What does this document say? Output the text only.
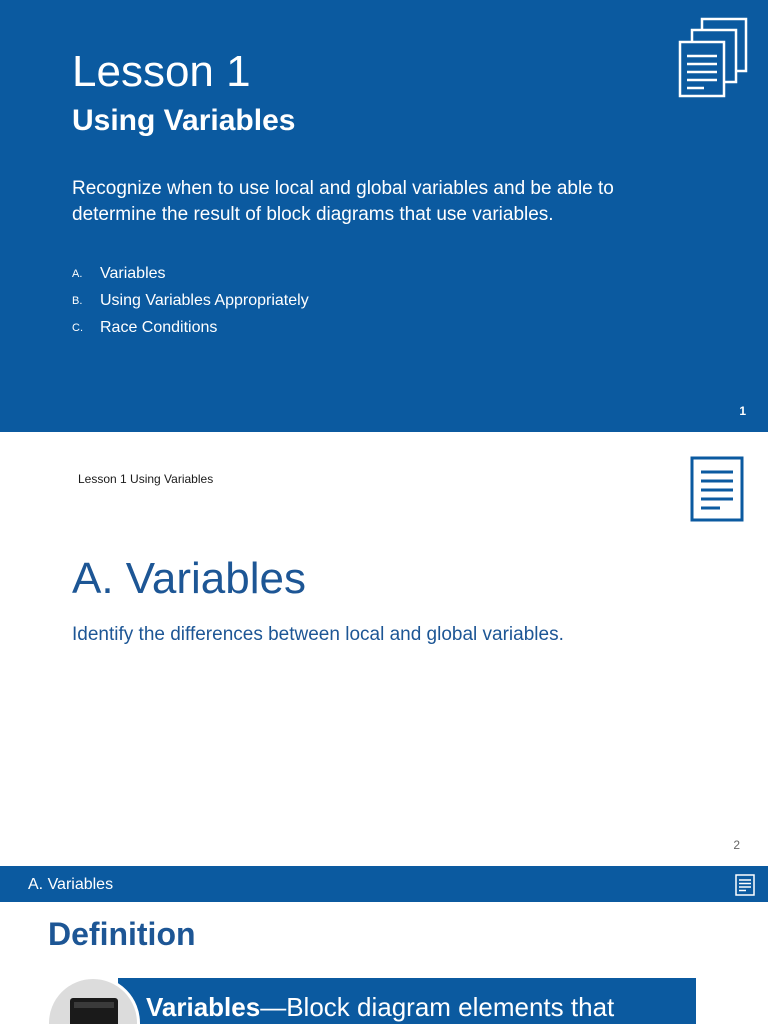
Lesson 1
Using Variables

Recognize when to use local and global variables and be able to determine the result of block diagrams that use variables.

A.	Variables
B.	Using Variables Appropriately
C.	Race Conditions
1
Lesson 1 Using Variables
A. Variables

Identify the differences between local and global variables.

2
A. Variables
Definition
Variables—Block diagram elements that
